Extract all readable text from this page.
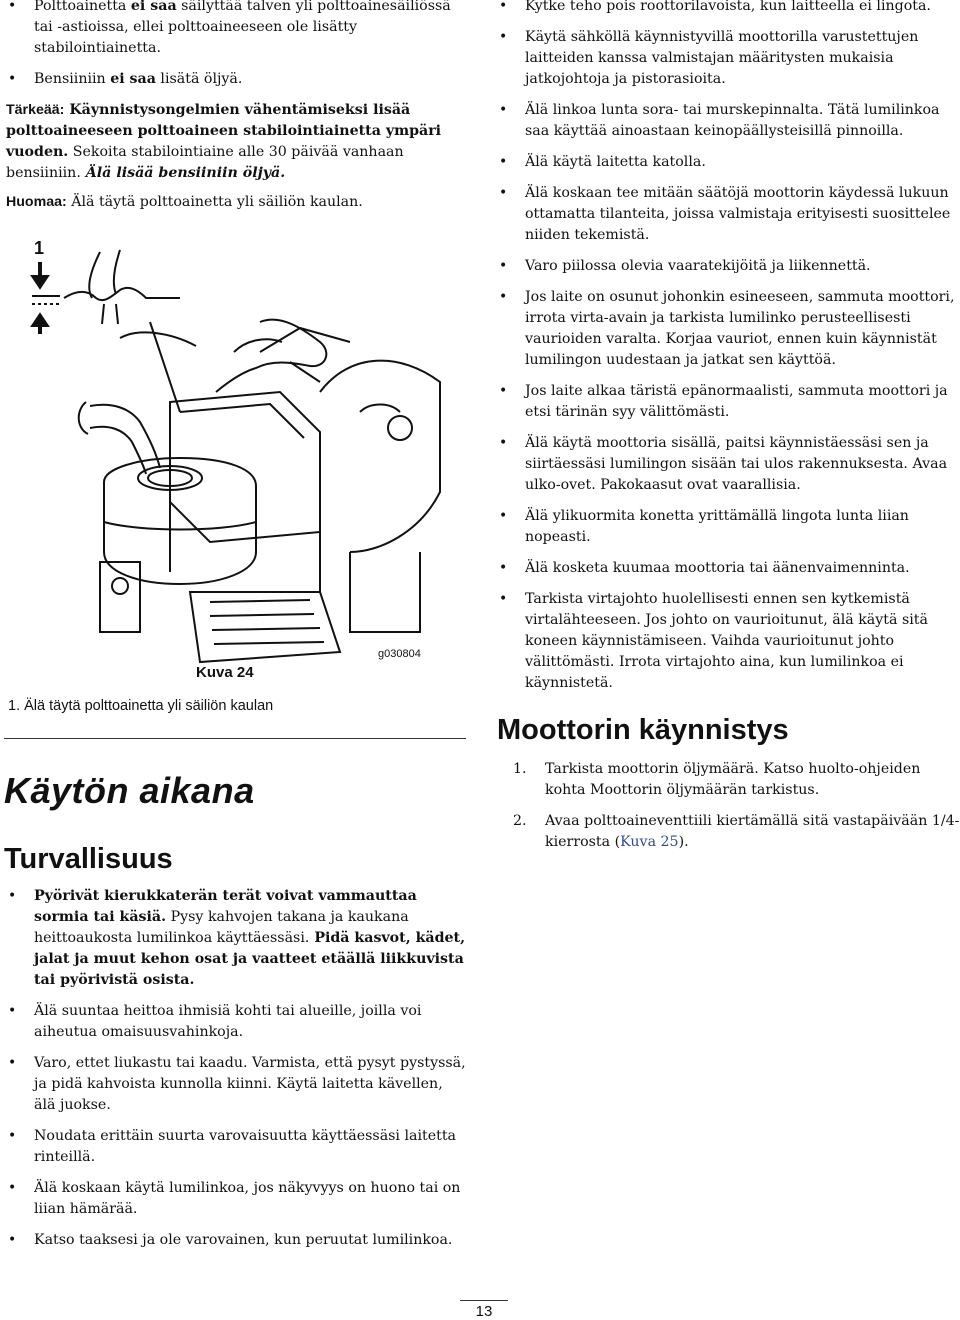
• Polttoainetta ei saa säilyttää talven yli polttoainesäiliössä tai -astioissa, ellei polttoaineeseen ole lisätty stabilointiainetta.
• Bensiiniin ei saa lisätä öljyä.

Tärkeää: Käynnistysongelmien vähentämiseksi lisää polttoaineeseen polttoaineen stabilointiainetta ympäri vuoden. Sekoita stabilointiaine alle 30 päivää vanhaan bensiiniin. Älä lisää bensiiniin öljyä.

Huomaa: Älä täytä polttoainetta yli säiliön kaulan.

1
Kuva 24
g030804
1. Älä täytä polttoainetta yli säiliön kaulan
Käytön aikana
Turvallisuus
• Pyörivät kierukkaterän terät voivat vammauttaa sormia tai käsiä. Pysy kahvojen takana ja kaukana heittoaukosta lumilinkoa käyttäessäsi. Pidä kasvot, kädet, jalat ja muut kehon osat ja vaatteet etäällä liikkuvista tai pyörivistä osista.
• Älä suuntaa heittoa ihmisiä kohti tai alueille, joilla voi aiheutua omaisuusvahinkoja.
• Varo, ettet liukastu tai kaadu. Varmista, että pysyt pystyssä, ja pidä kahvoista kunnolla kiinni. Käytä laitetta kävellen, älä juokse.
• Noudata erittäin suurta varovaisuutta käyttäessäsi laitetta rinteillä.
• Älä koskaan käytä lumilinkoa, jos näkyvyys on huono tai on liian hämärää.
• Katso taaksesi ja ole varovainen, kun peruutat lumilinkoa.
• Kytke teho pois roottorilavoista, kun laitteella ei lingota.
• Käytä sähköllä käynnistyvillä moottorilla varustettujen laitteiden kanssa valmistajan määritysten mukaisia jatkojohtoja ja pistorasioita.
• Älä linkoa lunta sora- tai murskepinnalta. Tätä lumilinkoa saa käyttää ainoastaan keinopäällysteisillä pinnoilla.
• Älä käytä laitetta katolla.
• Älä koskaan tee mitään säätöjä moottorin käydessä lukuun ottamatta tilanteita, joissa valmistaja erityisesti suosittelee niiden tekemistä.
• Varo piilossa olevia vaaratekijöitä ja liikennettä.
• Jos laite on osunut johonkin esineeseen, sammuta moottori, irrota virta-avain ja tarkista lumilinko perusteellisesti vaurioiden varalta. Korjaa vauriot, ennen kuin käynnistät lumilingon uudestaan ja jatkat sen käyttöä.
• Jos laite alkaa täristä epänormaalisti, sammuta moottori ja etsi tärinän syy välittömästi.
• Älä käytä moottoria sisällä, paitsi käynnistäessäsi sen ja siirtäessäsi lumilingon sisään tai ulos rakennuksesta. Avaa ulko-ovet. Pakokaasut ovat vaarallisia.
• Älä ylikuormita konetta yrittämällä lingota lunta liian nopeasti.
• Älä kosketa kuumaa moottoria tai äänenvaimenninta.
• Tarkista virtajohto huolellisesti ennen sen kytkemistä virtalähteeseen. Jos johto on vaurioitunut, älä käytä sitä koneen käynnistämiseen. Vaihda vaurioitunut johto välittömästi. Irrota virtajohto aina, kun lumilinkoa ei käynnistetä.
Moottorin käynnistys
1. Tarkista moottorin öljymäärä. Katso huolto-ohjeiden kohta Moottorin öljymäärän tarkistus.
2. Avaa polttoaineventtiili kiertämällä sitä vastapäivään 1/4-kierrosta (Kuva 25).
13
